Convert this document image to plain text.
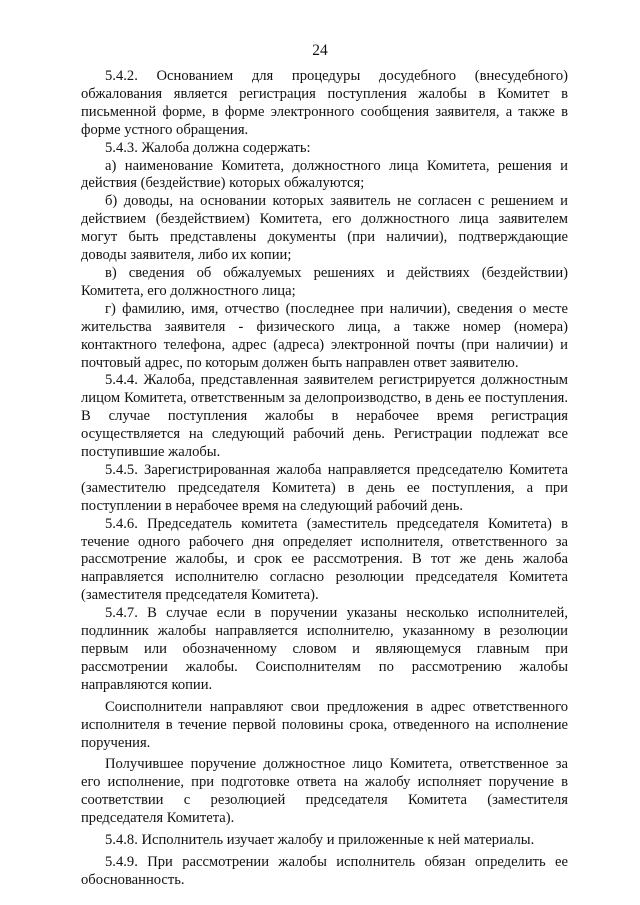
24

5.4.2. Основанием для процедуры досудебного (внесудебного) обжалования является регистрация поступления жалобы в Комитет в письменной форме, в форме электронного сообщения заявителя, а также в форме устного обращения.

5.4.3. Жалоба должна содержать:

а) наименование Комитета, должностного лица Комитета, решения и действия (бездействие) которых обжалуются;

б) доводы, на основании которых заявитель не согласен с решением и действием (бездействием) Комитета, его должностного лица заявителем могут быть представлены документы (при наличии), подтверждающие доводы заявителя, либо их копии;

в) сведения об обжалуемых решениях и действиях (бездействии) Комитета, его должностного лица;

г) фамилию, имя, отчество (последнее при наличии), сведения о месте жительства заявителя - физического лица, а также номер (номера) контактного телефона, адрес (адреса) электронной почты (при наличии) и почтовый адрес, по которым должен быть направлен ответ заявителю.

5.4.4. Жалоба, представленная заявителем регистрируется должностным лицом Комитета, ответственным за делопроизводство, в день ее поступления. В случае поступления жалобы в нерабочее время регистрация осуществляется на следующий рабочий день. Регистрации подлежат все поступившие жалобы.

5.4.5. Зарегистрированная жалоба направляется председателю Комитета (заместителю председателя Комитета) в день ее поступления, а при поступлении в нерабочее время на следующий рабочий день.

5.4.6. Председатель комитета (заместитель председателя Комитета) в течение одного рабочего дня определяет исполнителя, ответственного за рассмотрение жалобы, и срок ее рассмотрения. В тот же день жалоба направляется исполнителю согласно резолюции председателя Комитета (заместителя председателя Комитета).

5.4.7. В случае если в поручении указаны несколько исполнителей, подлинник жалобы направляется исполнителю, указанному в резолюции первым или обозначенному словом и являющемуся главным при рассмотрении жалобы. Соисполнителям по рассмотрению жалобы направляются копии.

Соисполнители направляют свои предложения в адрес ответственного исполнителя в течение первой половины срока, отведенного на исполнение поручения.

Получившее поручение должностное лицо Комитета, ответственное за его исполнение, при подготовке ответа на жалобу исполняет поручение в соответствии с резолюцией председателя Комитета (заместителя председателя Комитета).

5.4.8. Исполнитель изучает жалобу и приложенные к ней материалы.

5.4.9. При рассмотрении жалобы исполнитель обязан определить ее обоснованность.
